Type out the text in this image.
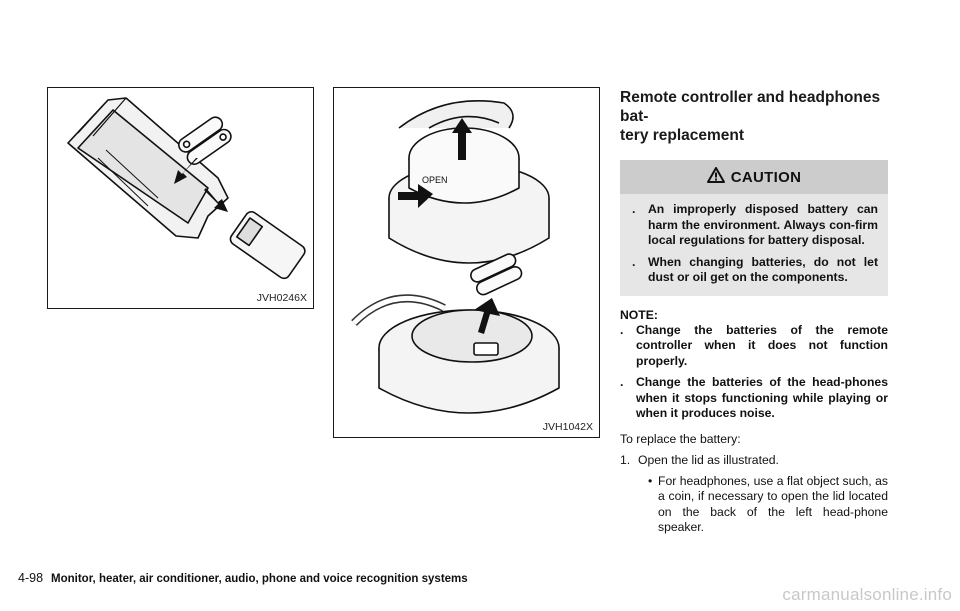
JVH0246X
OPEN
JVH1042X
Remote controller and headphones bat-
tery replacement
CAUTION
.	An improperly disposed battery can harm the environment. Always con-firm local regulations for battery disposal.
.	When changing batteries, do not let dust or oil get on the components.
NOTE:
.	Change the batteries of the remote controller when it does not function properly.
.	Change the batteries of the head-phones when it stops functioning while playing or when it produces noise.
To replace the battery:
1. Open the lid as illustrated.
• For headphones, use a flat object such, as a coin, if necessary to open the lid located on the back of the left head-phone speaker.
4-98 Monitor, heater, air conditioner, audio, phone and voice recognition systems
carmanualsonline.info
